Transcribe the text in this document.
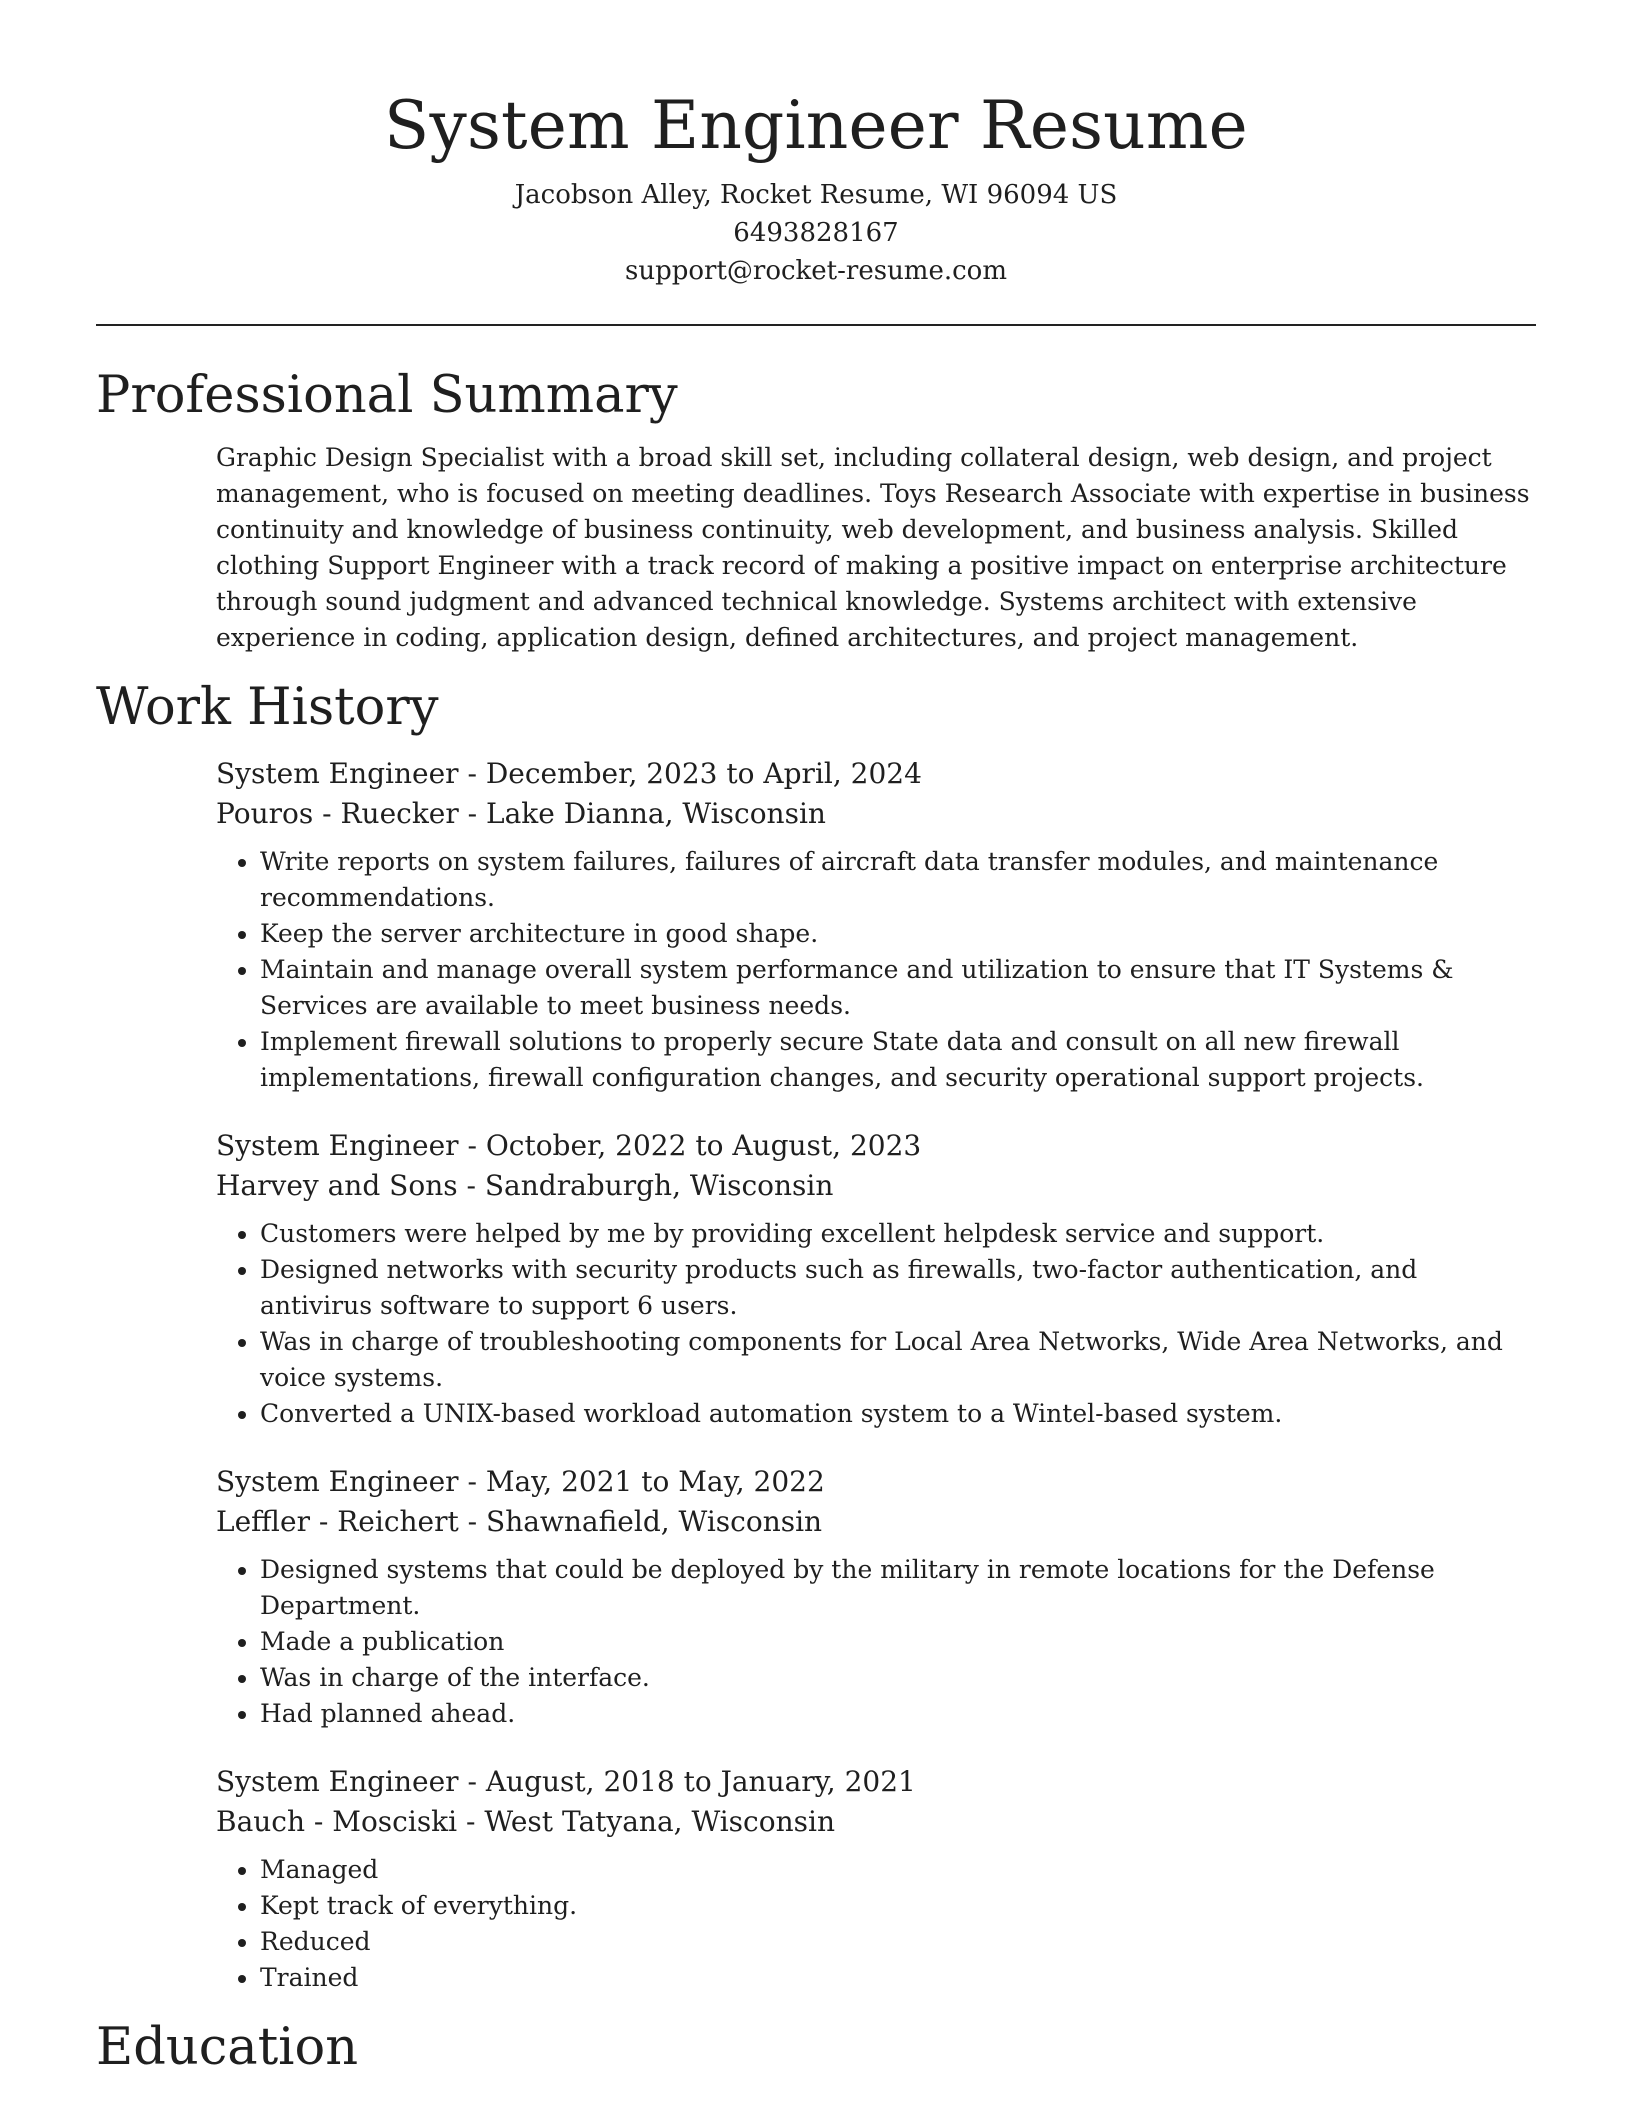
System Engineer Resume
Jacobson Alley, Rocket Resume, WI 96094 US
6493828167
support@rocket-resume.com
Professional Summary

Graphic Design Specialist with a broad skill set, including collateral design, web design, and project management, who is focused on meeting deadlines. Toys Research Associate with expertise in business continuity and knowledge of business continuity, web development, and business analysis. Skilled clothing Support Engineer with a track record of making a positive impact on enterprise architecture through sound judgment and advanced technical knowledge. Systems architect with extensive experience in coding, application design, defined architectures, and project management.

Work History
System Engineer - December, 2023 to April, 2024
Pouros - Ruecker - Lake Dianna, Wisconsin
• Write reports on system failures, failures of aircraft data transfer modules, and maintenance recommendations.
• Keep the server architecture in good shape.
• Maintain and manage overall system performance and utilization to ensure that IT Systems & Services are available to meet business needs.
• Implement firewall solutions to properly secure State data and consult on all new firewall implementations, firewall configuration changes, and security operational support projects.
System Engineer - October, 2022 to August, 2023
Harvey and Sons - Sandraburgh, Wisconsin
• Customers were helped by me by providing excellent helpdesk service and support.
• Designed networks with security products such as firewalls, two-factor authentication, and antivirus software to support 6 users.
• Was in charge of troubleshooting components for Local Area Networks, Wide Area Networks, and voice systems.
• Converted a UNIX-based workload automation system to a Wintel-based system.
System Engineer - May, 2021 to May, 2022
Leffler - Reichert - Shawnafield, Wisconsin
• Designed systems that could be deployed by the military in remote locations for the Defense Department.
• Made a publication
• Was in charge of the interface.
• Had planned ahead.
System Engineer - August, 2018 to January, 2021
Bauch - Mosciski - West Tatyana, Wisconsin
• Managed
• Kept track of everything.
• Reduced
• Trained
Education
